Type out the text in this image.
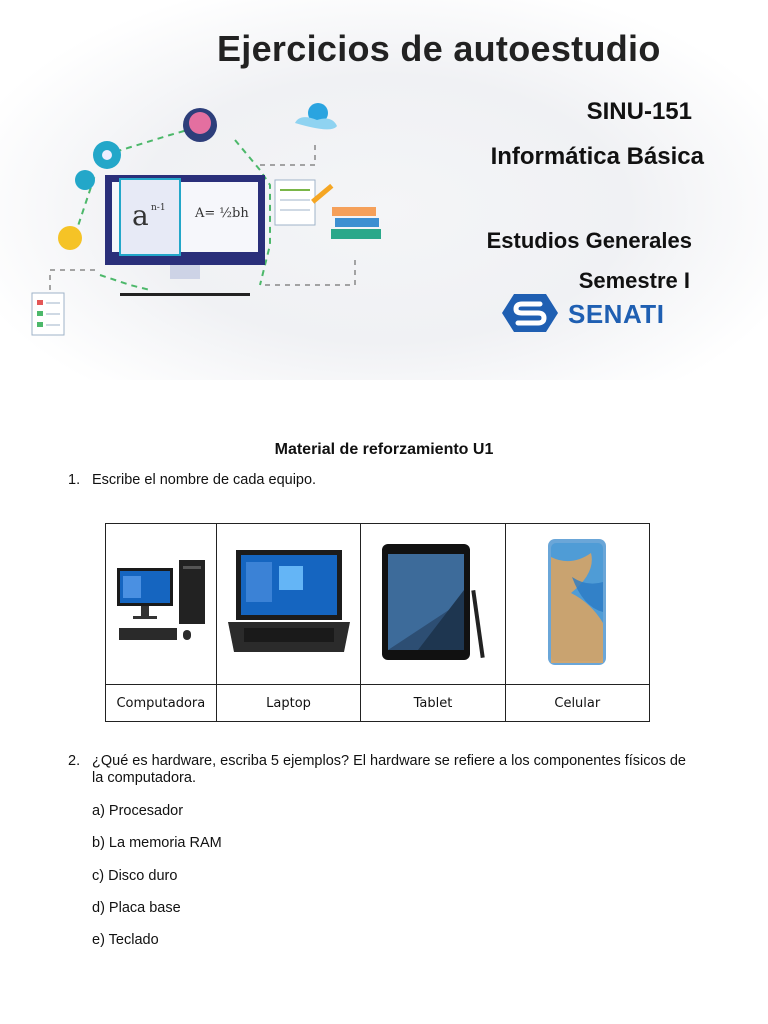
a n-1 A= ½bh
Ejercicios de autoestudio
SINU-151
Informática Básica
Estudios Generales
Semestre I
SENATI
Material de reforzamiento U1
1. Escribe el nombre de cada equipo.

Computadora	Laptop	Tablet	Celular
2. ¿Qué es hardware, escriba 5 ejemplos? El hardware se refiere a los componentes físicos de la computadora.
a) Procesador
b) La memoria RAM
c) Disco duro
d) Placa base
e) Teclado
